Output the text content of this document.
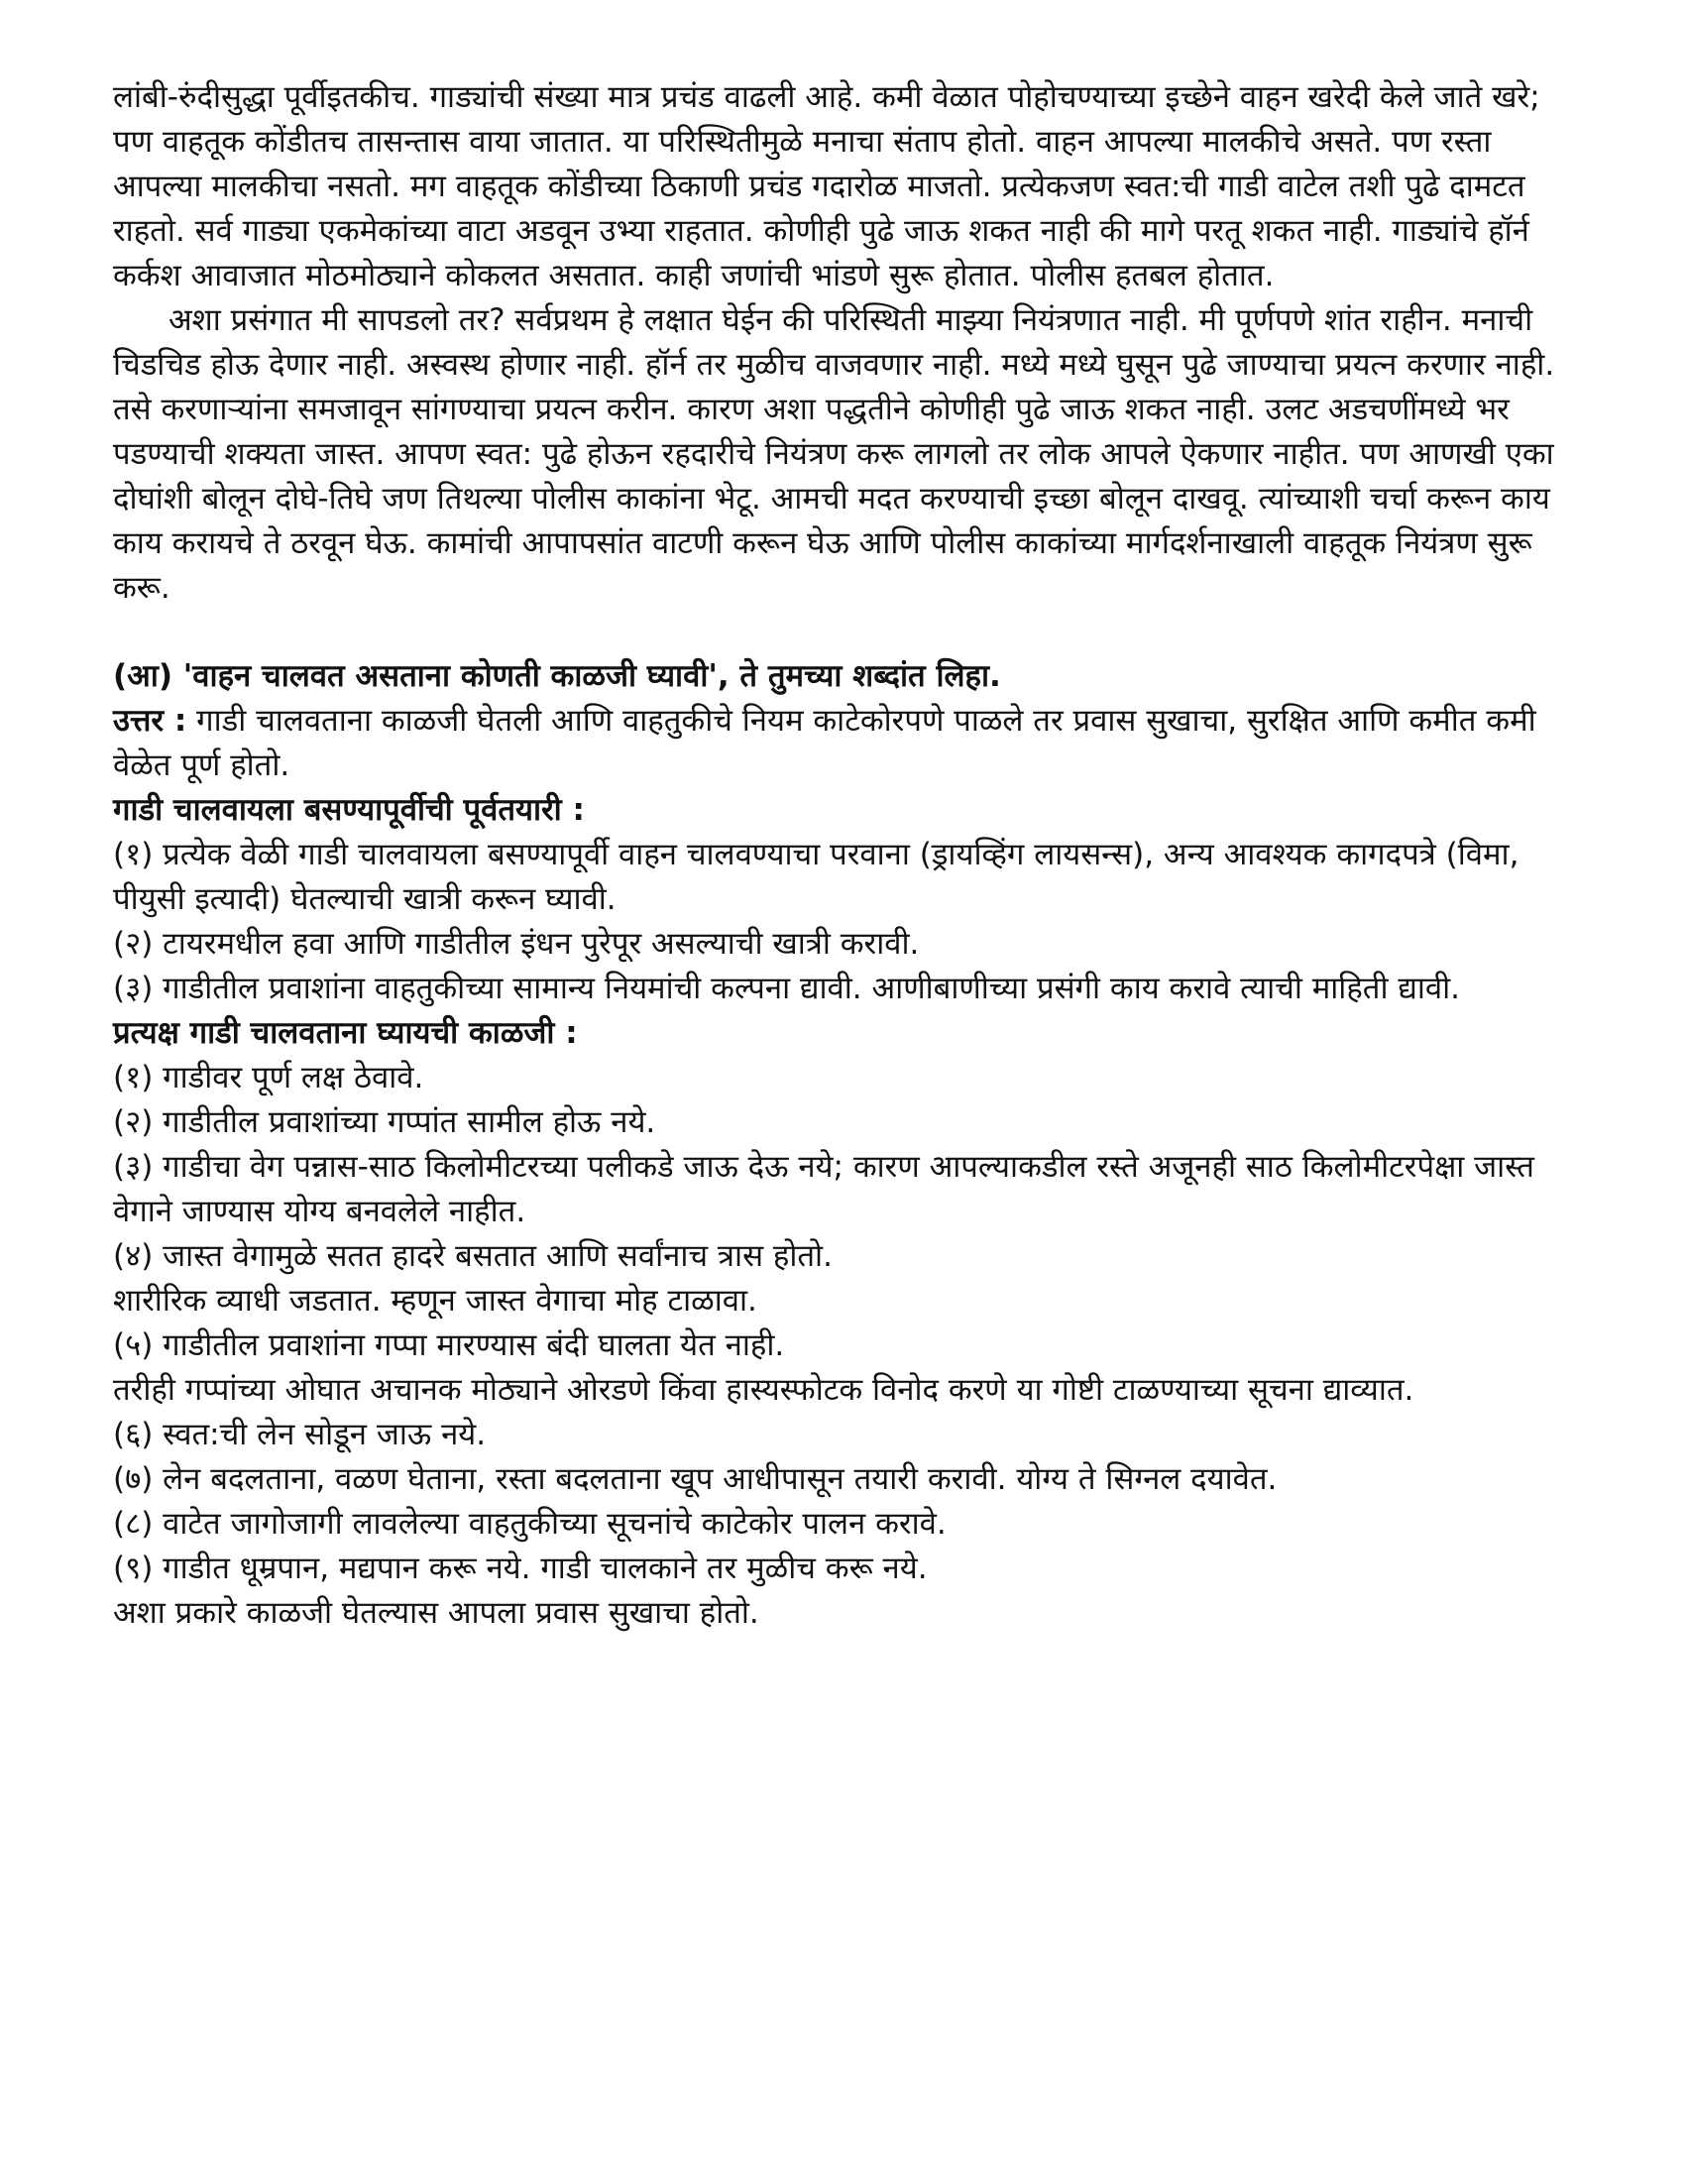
लांबी-रुंदीसुद्धा पूर्वीइतकीच. गाड्यांची संख्या मात्र प्रचंड वाढली आहे. कमी वेळात पोहोचण्याच्या इच्छेने वाहन खरेदी केले जाते खरे; पण वाहतूक कोंडीतच तासन्तास वाया जातात. या परिस्थितीमुळे मनाचा संताप होतो. वाहन आपल्या मालकीचे असते. पण रस्ता आपल्या मालकीचा नसतो. मग वाहतूक कोंडीच्या ठिकाणी प्रचंड गदारोळ माजतो. प्रत्येकजण स्वत:ची गाडी वाटेल तशी पुढे दामटत राहतो. सर्व गाड्या एकमेकांच्या वाटा अडवून उभ्या राहतात. कोणीही पुढे जाऊ शकत नाही की मागे परतू शकत नाही. गाड्यांचे हॉर्न कर्कश आवाजात मोठमोठ्याने कोकलत असतात. काही जणांची भांडणे सुरू होतात. पोलीस हतबल होतात.

अशा प्रसंगात मी सापडलो तर? सर्वप्रथम हे लक्षात घेईन की परिस्थिती माझ्या नियंत्रणात नाही. मी पूर्णपणे शांत राहीन. मनाची चिडचिड होऊ देणार नाही. अस्वस्थ होणार नाही. हॉर्न तर मुळीच वाजवणार नाही. मध्ये मध्ये घुसून पुढे जाण्याचा प्रयत्न करणार नाही. तसे करणाऱ्यांना समजावून सांगण्याचा प्रयत्न करीन. कारण अशा पद्धतीने कोणीही पुढे जाऊ शकत नाही. उलट अडचणींमध्ये भर पडण्याची शक्यता जास्त. आपण स्वत: पुढे होऊन रहदारीचे नियंत्रण करू लागलो तर लोक आपले ऐकणार नाहीत. पण आणखी एका दोघांशी बोलून दोघे-तिघे जण तिथल्या पोलीस काकांना भेटू. आमची मदत करण्याची इच्छा बोलून दाखवू. त्यांच्याशी चर्चा करून काय काय करायचे ते ठरवून घेऊ. कामांची आपापसांत वाटणी करून घेऊ आणि पोलीस काकांच्या मार्गदर्शनाखाली वाहतूक नियंत्रण सुरू करू.

(आ) 'वाहन चालवत असताना कोणती काळजी घ्यावी', ते तुमच्या शब्दांत लिहा.

उत्तर : गाडी चालवताना काळजी घेतली आणि वाहतुकीचे नियम काटेकोरपणे पाळले तर प्रवास सुखाचा, सुरक्षित आणि कमीत कमी वेळेत पूर्ण होतो.

गाडी चालवायला बसण्यापूर्वीची पूर्वतयारी :

(१) प्रत्येक वेळी गाडी चालवायला बसण्यापूर्वी वाहन चालवण्याचा परवाना (ड्रायव्हिंग लायसन्स), अन्य आवश्यक कागदपत्रे (विमा, पीयुसी इत्यादी) घेतल्याची खात्री करून घ्यावी.

(२) टायरमधील हवा आणि गाडीतील इंधन पुरेपूर असल्याची खात्री करावी.

(३) गाडीतील प्रवाशांना वाहतुकीच्या सामान्य नियमांची कल्पना द्यावी. आणीबाणीच्या प्रसंगी काय करावे त्याची माहिती द्यावी.

प्रत्यक्ष गाडी चालवताना घ्यायची काळजी :

(१) गाडीवर पूर्ण लक्ष ठेवावे.

(२) गाडीतील प्रवाशांच्या गप्पांत सामील होऊ नये.

(३) गाडीचा वेग पन्नास-साठ किलोमीटरच्या पलीकडे जाऊ देऊ नये; कारण आपल्याकडील रस्ते अजूनही साठ किलोमीटरपेक्षा जास्त वेगाने जाण्यास योग्य बनवलेले नाहीत.

(४) जास्त वेगामुळे सतत हादरे बसतात आणि सर्वांनाच त्रास होतो.

शारीरिक व्याधी जडतात. म्हणून जास्त वेगाचा मोह टाळावा.

(५) गाडीतील प्रवाशांना गप्पा मारण्यास बंदी घालता येत नाही.

तरीही गप्पांच्या ओघात अचानक मोठ्याने ओरडणे किंवा हास्यस्फोटक विनोद करणे या गोष्टी टाळण्याच्या सूचना द्याव्यात.

(६) स्वत:ची लेन सोडून जाऊ नये.

(७) लेन बदलताना, वळण घेताना, रस्ता बदलताना खूप आधीपासून तयारी करावी. योग्य ते सिग्नल दयावेत.

(८) वाटेत जागोजागी लावलेल्या वाहतुकीच्या सूचनांचे काटेकोर पालन करावे.

(९) गाडीत धूम्रपान, मद्यपान करू नये. गाडी चालकाने तर मुळीच करू नये.

अशा प्रकारे काळजी घेतल्यास आपला प्रवास सुखाचा होतो.
